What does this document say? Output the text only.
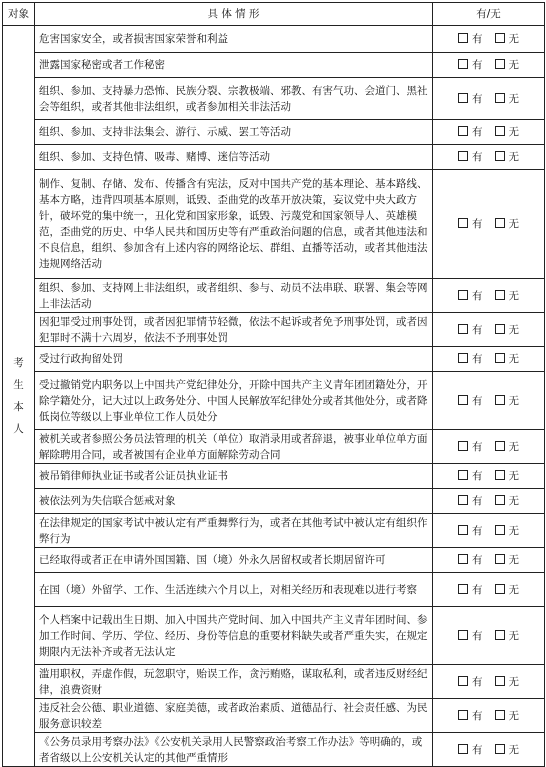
对象	具 体 情 形	有/无
考生本人	危害国家安全，或者损害国家荣誉和利益	有 无
	泄露国家秘密或者工作秘密	有 无
	组织、参加、支持暴力恐怖、民族分裂、宗教极端、邪教、有害气功、会道门、黑社会等组织，或者其他非法组织，或者参加相关非法活动	有 无
	组织、参加、支持非法集会、游行、示威、罢工等活动	有 无
	组织、参加、支持色情、吸毒、赌博、迷信等活动	有 无
	制作、复制、存储、发布、传播含有宪法，反对中国共产党的基本理论、基本路线、基本方略，违背四项基本原则，诋毁、歪曲党的改革开放决策，妄议党中央大政方针，破坏党的集中统一，丑化党和国家形象，诋毁、污蔑党和国家领导人、英雄模范，歪曲党的历史、中华人民共和国历史等有严重政治问题的信息，或者其他违法和不良信息，组织、参加含有上述内容的网络论坛、群组、直播等活动，或者其他违法违规网络活动	有 无
	组织、参加、支持网上非法组织，或者组织、参与、动员不法串联、联署、集会等网上非法活动	有 无
	因犯罪受过刑事处罚，或者因犯罪情节轻微，依法不起诉或者免予刑事处罚，或者因犯罪时不满十六周岁，依法不予刑事处罚	有 无
	受过行政拘留处罚	有 无
	受过撤销党内职务以上中国共产党纪律处分，开除中国共产主义青年团团籍处分，开除学籍处分，记大过以上政务处分、中国人民解放军纪律处分或者其他处分，或者降低岗位等级以上事业单位工作人员处分	有 无
	被机关或者参照公务员法管理的机关（单位）取消录用或者辞退，被事业单位单方面解除聘用合同，或者被国有企业单方面解除劳动合同	有 无
	被吊销律师执业证书或者公证员执业证书	有 无
	被依法列为失信联合惩戒对象	有 无
	在法律规定的国家考试中被认定有严重舞弊行为，或者在其他考试中被认定有组织作弊行为	有 无
	已经取得或者正在申请外国国籍、国（境）外永久居留权或者长期居留许可	有 无
	在国（境）外留学、工作、生活连续六个月以上，对相关经历和表现难以进行考察	有 无
	个人档案中记载出生日期、加入中国共产党时间、加入中国共产主义青年团时间、参加工作时间、学历、学位、经历、身份等信息的重要材料缺失或者严重失实，在规定期限内无法补齐或者无法认定	有 无
	滥用职权，弄虚作假，玩忽职守，贻误工作，贪污贿赂，谋取私利，或者违反财经纪律，浪费资财	有 无
	违反社会公德、职业道德、家庭美德，或者政治素质、道德品行、社会责任感、为民服务意识较差	有 无
	《公务员录用考察办法》《公安机关录用人民警察政治考察工作办法》等明确的，或者省级以上公安机关认定的其他严重情形	有 无
